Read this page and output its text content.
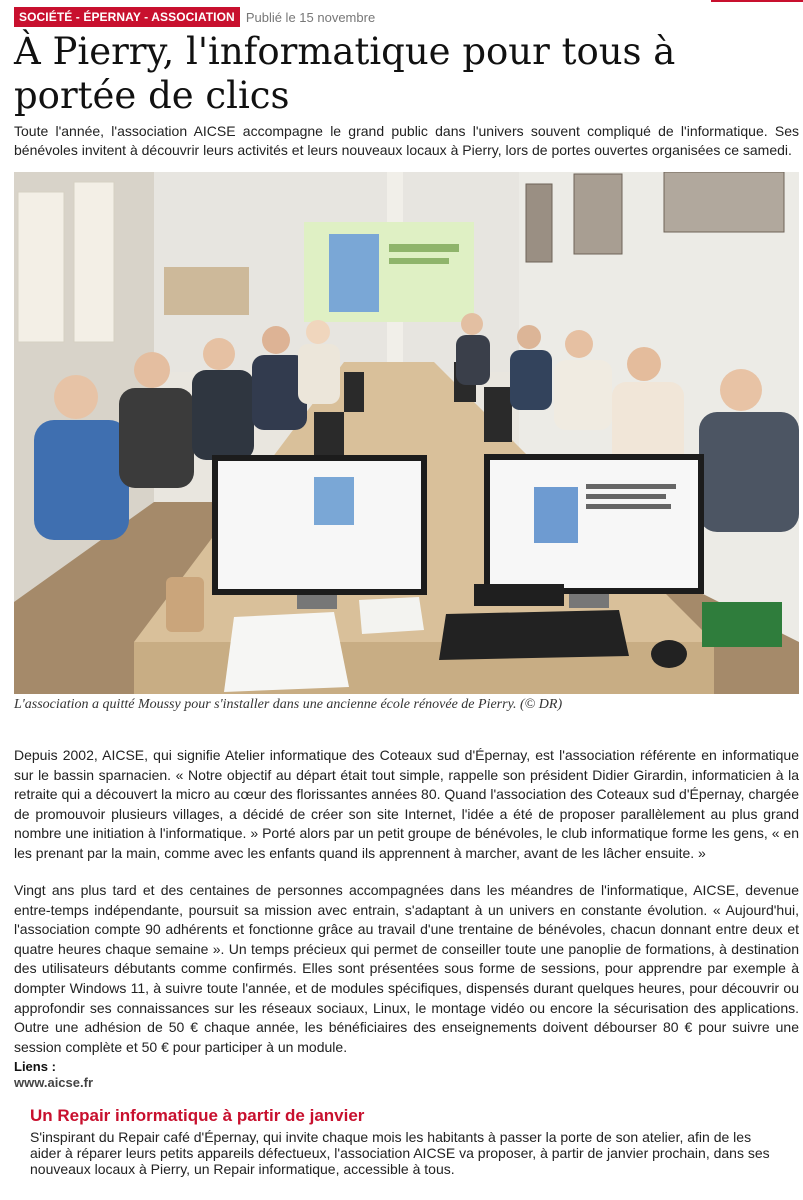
SOCIÉTÉ - ÉPERNAY - ASSOCIATION Publié le 15 novembre
À Pierry, l'informatique pour tous à portée de clics

Toute l'année, l'association AICSE accompagne le grand public dans l'univers souvent compliqué de l'informatique. Ses bénévoles invitent à découvrir leurs activités et leurs nouveaux locaux à Pierry, lors de portes ouvertes organisées ce samedi.

L'association a quitté Moussy pour s'installer dans une ancienne école rénovée de Pierry. (© DR)

Depuis 2002, AICSE, qui signifie Atelier informatique des Coteaux sud d'Épernay, est l'association référente en informatique sur le bassin sparnacien. « Notre objectif au départ était tout simple, rappelle son président Didier Girardin, informaticien à la retraite qui a découvert la micro au cœur des florissantes années 80. Quand l'association des Coteaux sud d'Épernay, chargée de promouvoir plusieurs villages, a décidé de créer son site Internet, l'idée a été de proposer parallèlement au plus grand nombre une initiation à l'informatique. » Porté alors par un petit groupe de bénévoles, le club informatique forme les gens, « en les prenant par la main, comme avec les enfants quand ils apprennent à marcher, avant de les lâcher ensuite. »

Vingt ans plus tard et des centaines de personnes accompagnées dans les méandres de l'informatique, AICSE, devenue entre-temps indépendante, poursuit sa mission avec entrain, s'adaptant à un univers en constante évolution. « Aujourd'hui, l'association compte 90 adhérents et fonctionne grâce au travail d'une trentaine de bénévoles, chacun donnant entre deux et quatre heures chaque semaine ». Un temps précieux qui permet de conseiller toute une panoplie de formations, à destination des utilisateurs débutants comme confirmés. Elles sont présentées sous forme de sessions, pour apprendre par exemple à dompter Windows 11, à suivre toute l'année, et de modules spécifiques, dispensés durant quelques heures, pour découvrir ou approfondir ses connaissances sur les réseaux sociaux, Linux, le montage vidéo ou encore la sécurisation des applications. Outre une adhésion de 50 € chaque année, les bénéficiaires des enseignements doivent débourser 80 € pour suivre une session complète et 50 € pour participer à un module.

Liens :
www.aicse.fr
Un Repair informatique à partir de janvier

S'inspirant du Repair café d'Épernay, qui invite chaque mois les habitants à passer la porte de son atelier, afin de les aider à réparer leurs petits appareils défectueux, l'association AICSE va proposer, à partir de janvier prochain, dans ses nouveaux locaux à Pierry, un Repair informatique, accessible à tous.
